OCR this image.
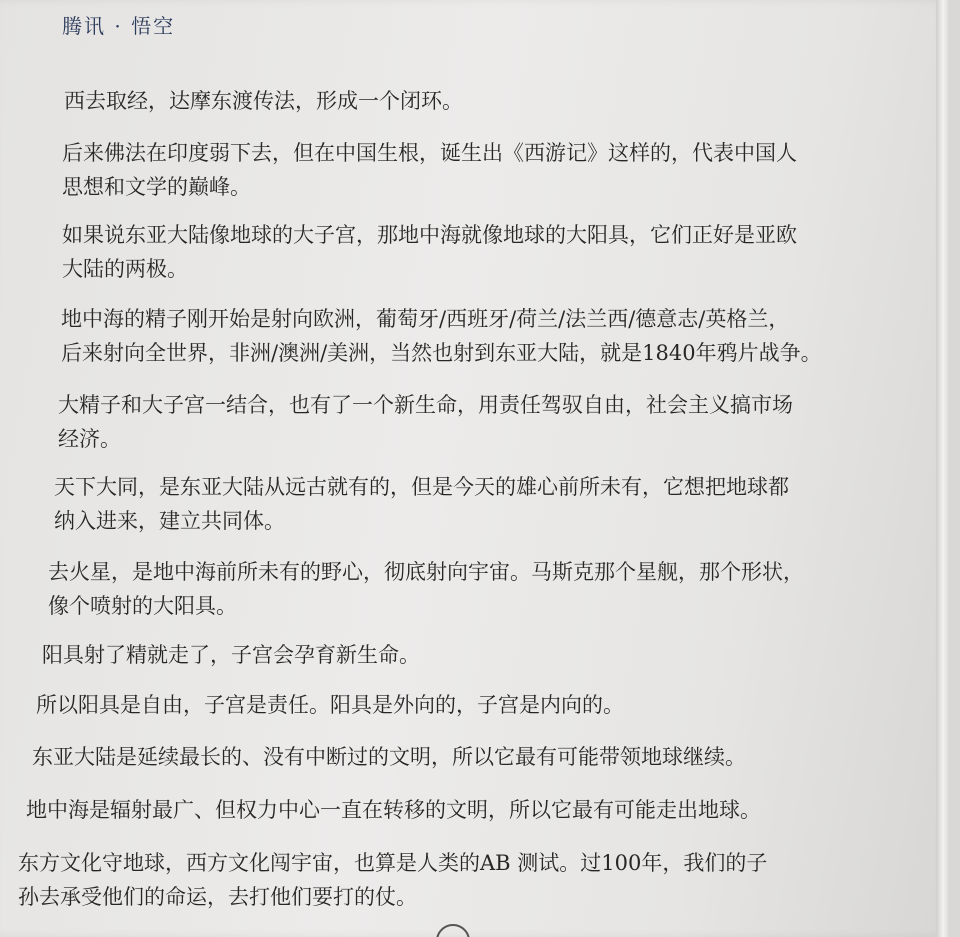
腾讯 · 悟空
西去取经，达摩东渡传法，形成一个闭环。
后来佛法在印度弱下去，但在中国生根，诞生出《西游记》这样的，代表中国人
思想和文学的巅峰。
如果说东亚大陆像地球的大子宫，那地中海就像地球的大阳具，它们正好是亚欧
大陆的两极。
地中海的精子刚开始是射向欧洲，葡萄牙/西班牙/荷兰/法兰西/德意志/英格兰，
后来射向全世界，非洲/澳洲/美洲，当然也射到东亚大陆，就是1840年鸦片战争。
大精子和大子宫一结合，也有了一个新生命，用责任驾驭自由，社会主义搞市场
经济。
天下大同，是东亚大陆从远古就有的，但是今天的雄心前所未有，它想把地球都
纳入进来，建立共同体。
去火星，是地中海前所未有的野心，彻底射向宇宙。马斯克那个星舰，那个形状，
像个喷射的大阳具。
阳具射了精就走了，子宫会孕育新生命。
所以阳具是自由，子宫是责任。阳具是外向的，子宫是内向的。
东亚大陆是延续最长的、没有中断过的文明，所以它最有可能带领地球继续。
地中海是辐射最广、但权力中心一直在转移的文明，所以它最有可能走出地球。
东方文化守地球，西方文化闯宇宙，也算是人类的AB 测试。过100年，我们的子
孙去承受他们的命运，去打他们要打的仗。
